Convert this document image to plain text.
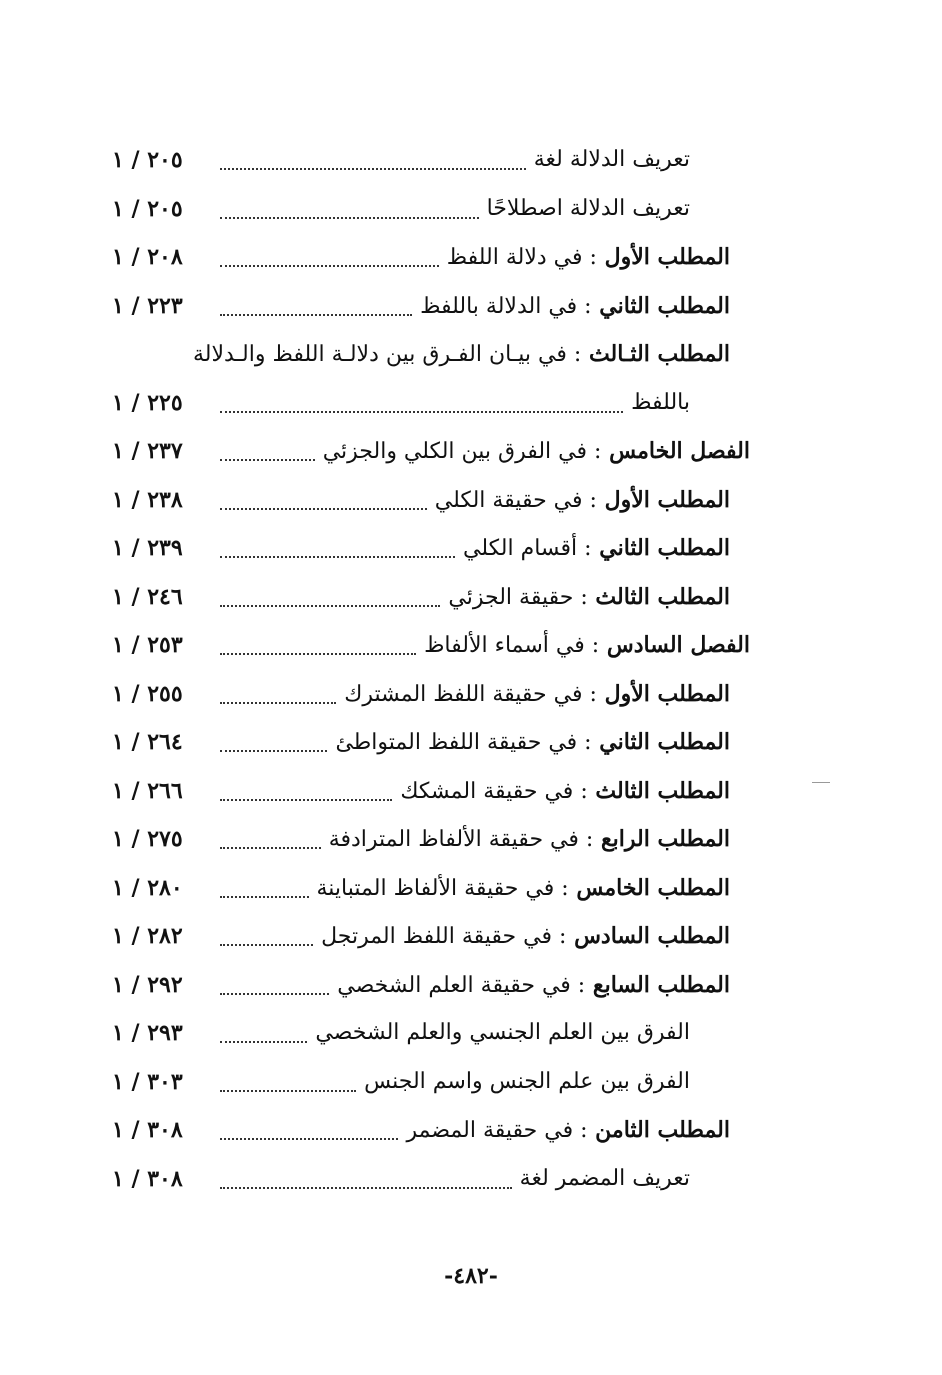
تعريف الدلالة لغة
٢٠٥ / ١
تعريف الدلالة اصطلاحًا
٢٠٥ / ١
المطلب الأول : في دلالة اللفظ
٢٠٨ / ١
المطلب الثاني : في الدلالة باللفظ
٢٢٣ / ١
المطلب الثـالث : في بيـان الفـرق بين دلالـة اللفظ والـدلالة
باللفظ
٢٢٥ / ١
الفصل الخامس : في الفرق بين الكلي والجزئي
٢٣٧ / ١
المطلب الأول : في حقيقة الكلي
٢٣٨ / ١
المطلب الثاني : أقسام الكلي
٢٣٩ / ١
المطلب الثالث : حقيقة الجزئي
٢٤٦ / ١
الفصل السادس : في أسماء الألفاظ
٢٥٣ / ١
المطلب الأول : في حقيقة اللفظ المشترك
٢٥٥ / ١
المطلب الثاني : في حقيقة اللفظ المتواطئ
٢٦٤ / ١
المطلب الثالث : في حقيقة المشكك
٢٦٦ / ١
المطلب الرابع : في حقيقة الألفاظ المترادفة
٢٧٥ / ١
المطلب الخامس : في حقيقة الألفاظ المتباينة
٢٨٠ / ١
المطلب السادس : في حقيقة اللفظ المرتجل
٢٨٢ / ١
المطلب السابع : في حقيقة العلم الشخصي
٢٩٢ / ١
الفرق بين العلم الجنسي والعلم الشخصي
٢٩٣ / ١
الفرق بين علم الجنس واسم الجنس
٣٠٣ / ١
المطلب الثامن : في حقيقة المضمر
٣٠٨ / ١
تعريف المضمر لغة
٣٠٨ / ١
-٤٨٢-
